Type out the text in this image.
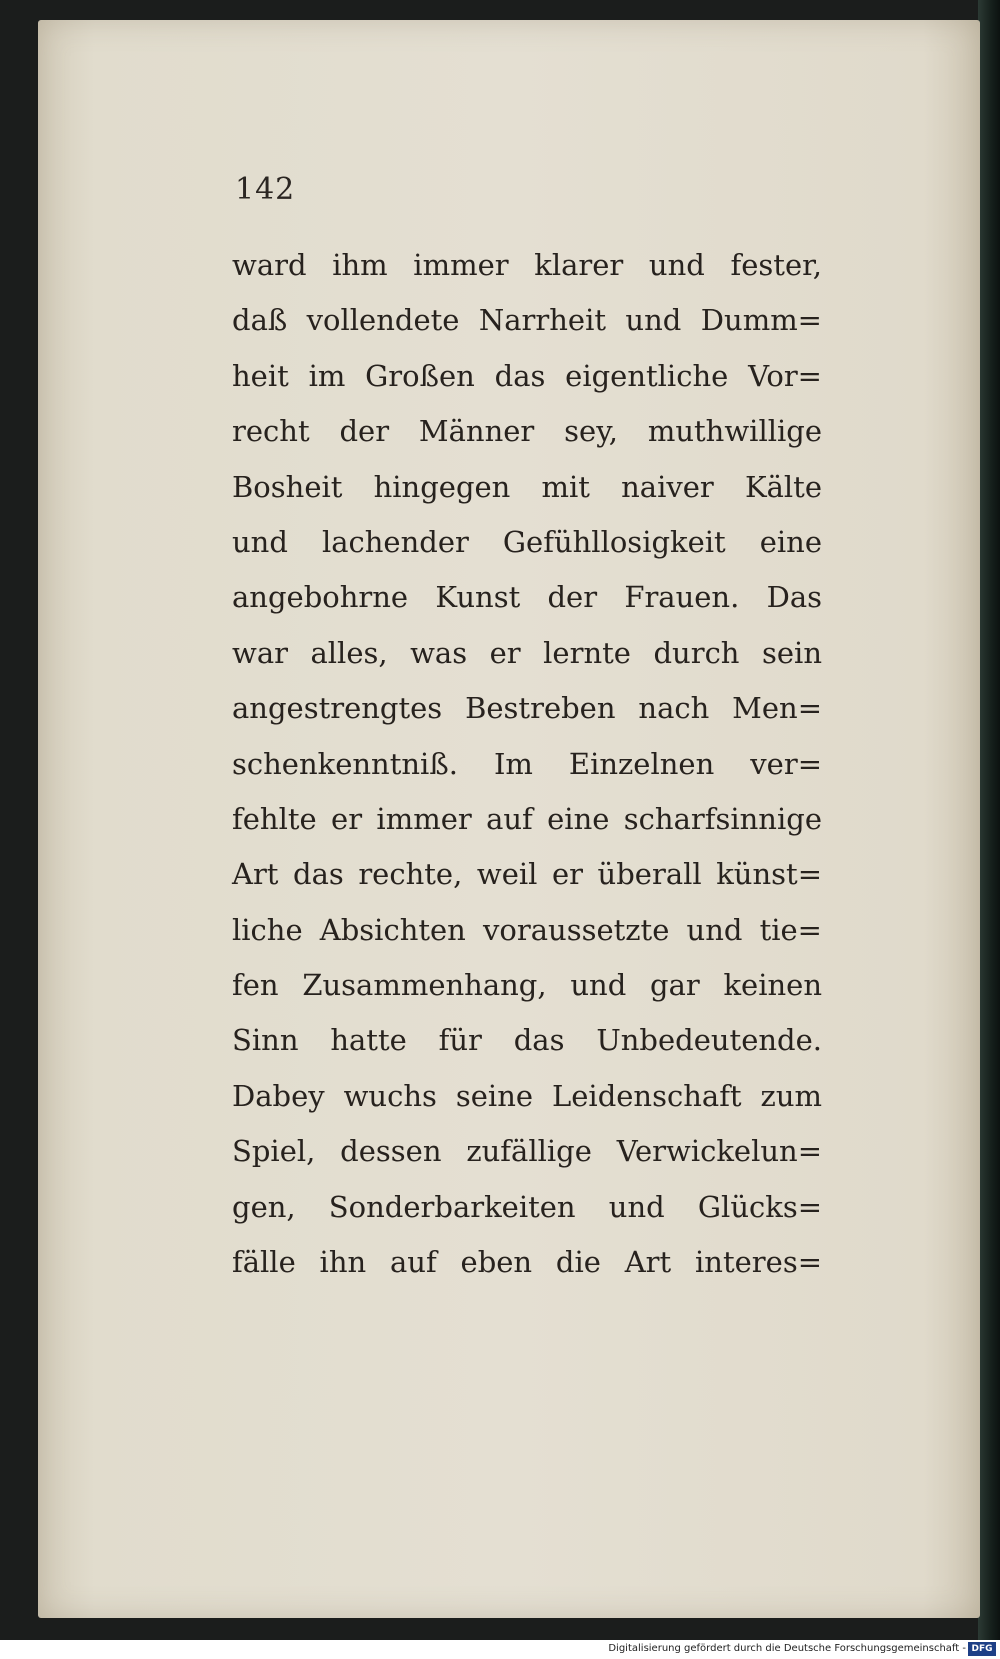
142
ward ihm immer klarer und fester,
daß vollendete Narrheit und Dumm=
heit im Großen das eigentliche Vor=
recht der Männer sey, muthwillige
Bosheit hingegen mit naiver Kälte
und lachender Gefühllosigkeit eine
angebohrne Kunst der Frauen. Das
war alles, was er lernte durch sein
angestrengtes Bestreben nach Men=
schenkenntniß. Im Einzelnen ver=
fehlte er immer auf eine scharfsinnige
Art das rechte, weil er überall künst=
liche Absichten voraussetzte und tie=
fen Zusammenhang, und gar keinen
Sinn hatte für das Unbedeutende.
Dabey wuchs seine Leidenschaft zum
Spiel, dessen zufällige Verwickelun=
gen, Sonderbarkeiten und Glücks=
fälle ihn auf eben die Art interes=
Digitalisierung gefördert durch die Deutsche Forschungsgemeinschaft - DFG
